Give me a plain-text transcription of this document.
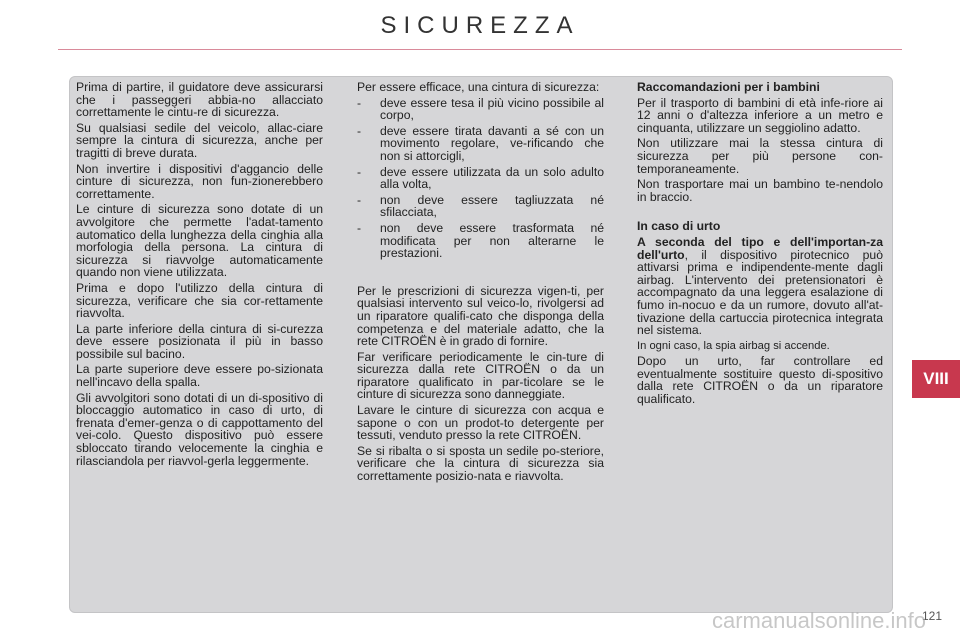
SICUREZZA

Prima di partire, il guidatore deve assicurarsi che i passeggeri abbia-no allacciato correttamente le cintu-re di sicurezza.

Su qualsiasi sedile del veicolo, allac-ciare sempre la cintura di sicurezza, anche per tragitti di breve durata.

Non invertire i dispositivi d'aggancio delle cinture di sicurezza, non fun-zionerebbero correttamente.

Le cinture di sicurezza sono dotate di un avvolgitore che permette l'adat-tamento automatico della lunghezza della cinghia alla morfologia della persona. La cintura di sicurezza si riavvolge automaticamente quando non viene utilizzata.

Prima e dopo l'utilizzo della cintura di sicurezza, verificare che sia cor-rettamente riavvolta.

La parte inferiore della cintura di si-curezza deve essere posizionata il più in basso possibile sul bacino.

La parte superiore deve essere po-sizionata nell'incavo della spalla.

Gli avvolgitori sono dotati di un di-spositivo di bloccaggio automatico in caso di urto, di frenata d'emer-genza o di cappottamento del vei-colo. Questo dispositivo può essere sbloccato tirando velocemente la cinghia e rilasciandola per riavvol-gerla leggermente.

Per essere efficace, una cintura di sicurezza:

- deve essere tesa il più vicino possibile al corpo,
- deve essere tirata davanti a sé con un movimento regolare, ve-rificando che non si attorcigli,
- deve essere utilizzata da un solo adulto alla volta,
- non deve essere tagliuzzata né sfilacciata,
- non deve essere trasformata né modificata per non alterarne le prestazioni.

Per le prescrizioni di sicurezza vigen-ti, per qualsiasi intervento sul veico-lo, rivolgersi ad un riparatore qualifi-cato che disponga della competenza e del materiale adatto, che la rete CITROËN è in grado di fornire.

Far verificare periodicamente le cin-ture di sicurezza dalla rete CITROËN o da un riparatore qualificato in par-ticolare se le cinture di sicurezza sono danneggiate.

Lavare le cinture di sicurezza con acqua e sapone o con un prodot-to detergente per tessuti, venduto presso la rete CITROËN.

Se si ribalta o si sposta un sedile po-steriore, verificare che la cintura di sicurezza sia correttamente posizio-nata e riavvolta.

Raccomandazioni per i bambini

Per il trasporto di bambini di età infe-riore ai 12 anni o d'altezza inferiore a un metro e cinquanta, utilizzare un seggiolino adatto.

Non utilizzare mai la stessa cintura di sicurezza per più persone con-temporaneamente.

Non trasportare mai un bambino te-nendolo in braccio.

In caso di urto

A seconda del tipo e dell'importan-za dell'urto, il dispositivo pirotecnico può attivarsi prima e indipendente-mente dagli airbag. L'intervento dei pretensionatori è accompagnato da una leggera esalazione di fumo in-nocuo e da un rumore, dovuto all'at-tivazione della cartuccia pirotecnica integrata nel sistema.

In ogni caso, la spia airbag si accende.

Dopo un urto, far controllare ed eventualmente sostituire questo di-spositivo dalla rete CITROËN o da un riparatore qualificato.

VIII
121
carmanualsonline.info
